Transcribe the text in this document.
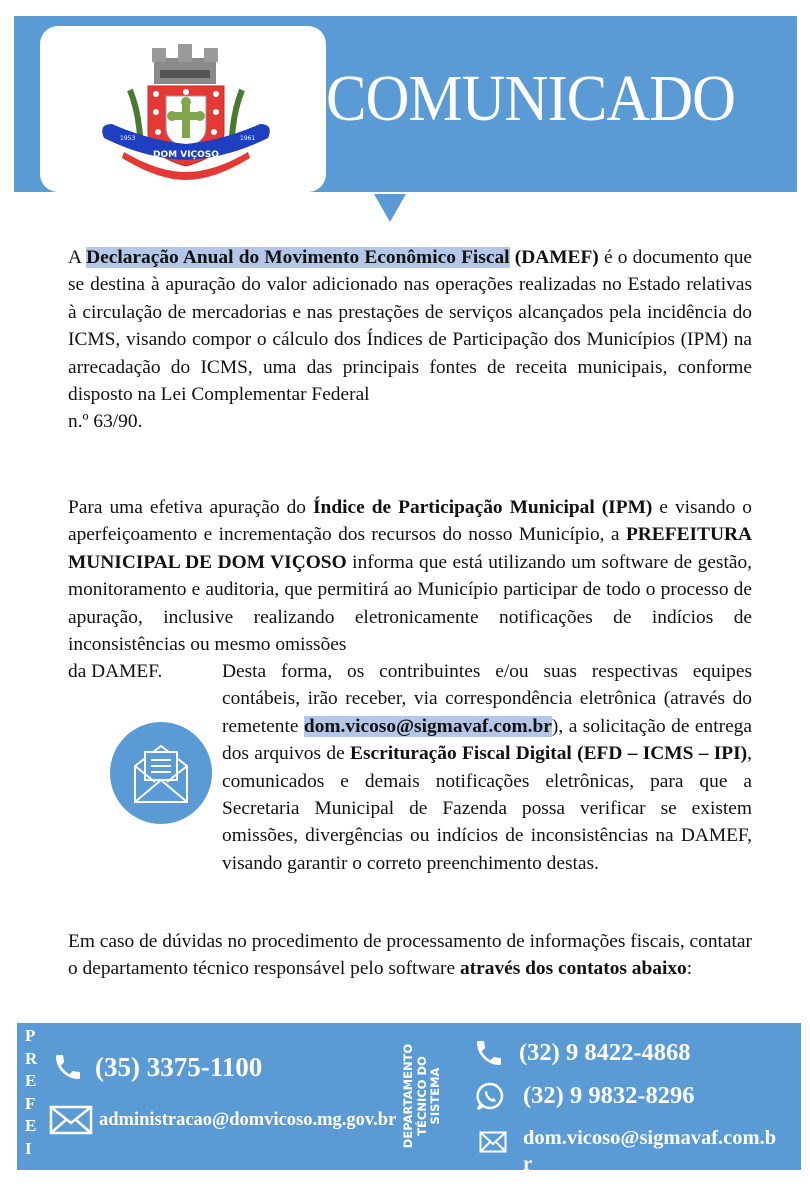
DOM VIÇOSO
1953	1961
COMUNICADO
A Declaração Anual do Movimento Econômico Fiscal (DAMEF) é o documento que se destina à apuração do valor adicionado nas operações realizadas no Estado relativas à circulação de mercadorias e nas prestações de serviços alcançados pela incidência do ICMS, visando compor o cálculo dos Índices de Participação dos Municípios (IPM) na arrecadação do ICMS, uma das principais fontes de receita municipais, conforme disposto na Lei Complementar Federal
n.º 63/90.
Para uma efetiva apuração do Índice de Participação Municipal (IPM) e visando o aperfeiçoamento e incrementação dos recursos do nosso Município, a PREFEITURA MUNICIPAL DE DOM VIÇOSO informa que está utilizando um software de gestão, monitoramento e auditoria, que permitirá ao Município participar de todo o processo de apuração, inclusive realizando eletronicamente notificações de indícios de inconsistências ou mesmo omissões
da DAMEF.	Desta forma, os contribuintes e/ou suas respectivas equipes contábeis, irão receber, via correspondência eletrônica (através do remetente dom.vicoso@sigmavaf.com.br), a solicitação de entrega dos arquivos de Escrituração Fiscal Digital (EFD – ICMS – IPI), comunicados e demais notificações eletrônicas, para que a Secretaria Municipal de Fazenda possa verificar se existem omissões, divergências ou indícios de inconsistências na DAMEF, visando garantir o correto preenchimento destas.
Em caso de dúvidas no procedimento de processamento de informações fiscais, contatar o departamento técnico responsável pelo software através dos contatos abaixo:
P
R
E
F
E
I
(35) 3375-1100
administracao@domvicoso.mg.gov.br DEPARTAMENTO TÉCNICO DO SISTEMA
(32) 9 8422-4868
(32) 9 9832-8296
dom.vicoso@sigmavaf.com.b
r
